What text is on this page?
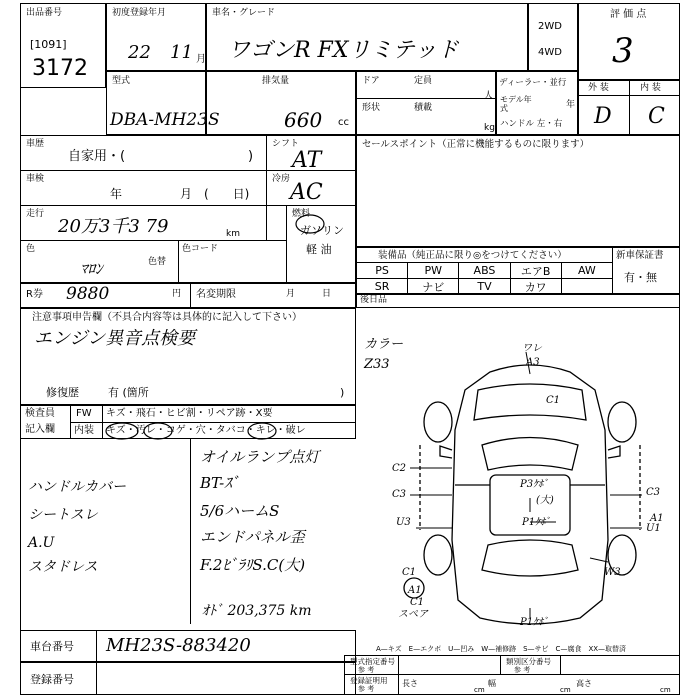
出品番号
[1091]
3172
初度登録年月
22 11 月
車名・グレード
ワゴンR FXリミテッド
2WD
4WD
評 価 点
3
型式
DBA-MH23S
排気量
660 cc
ドア	定員
人
形状	積載
kg
ディーラー・並行
モデル年式	年
ハンドル 左・右
外 装	内 装
D C
車歴
自家用・(	)
シフト
AT
車検
年	月 (　　日)
冷房
AC
走行
20万3千3 79	km
燃料
ガソリン
軽 油
色
ﾏﾛﾝ	色替
色コード
R券 9880	円 名変期限	月	日
セールスポイント（正常に機能するものに限ります）
装備品（純正品に限り◎をつけてください）	新車保証書
有・無
PS	PW	ABS	エアB	AW
SR	ナビ	TV	カワ
後日品
注意事項申告欄（不具合内容等は具体的に記入して下さい）
エンジン異音点検要
修復歴	有 (箇所	)
検査員
記入欄
FW キズ・飛石・ヒビ割・リペア跡・X要
内装 キズ・汚レ・コゲ・穴・タバコ・キレ・破レ
ハンドルカバー
シートスレ
A.U
スタドレス
オイルランプ点灯
BT-ｽﾞ
5/6ハームS
エンドパネル歪
F.2ﾋﾞﾗﾘS.C(大)
ｵﾄﾞ 203,375 km
カラー
Z33
ワレ
A3
C1
C2
C3
P3ｹﾎﾞ
(大)
P1ｹﾎﾞ
U3
C1	W3
U1
C3
A1
スペア
P1ｹﾎﾞ
A1
C1
A—キズ　E—エクボ　U—凹み　W—補修跡　S—サビ　C—腐食　XX—取替済
車台番号 MH23S-883420
登録番号
型式指定番号
参 考
類別区分番号
参 考
登録証明用
参 考
長さ
cm
幅
cm
高さ
cm
